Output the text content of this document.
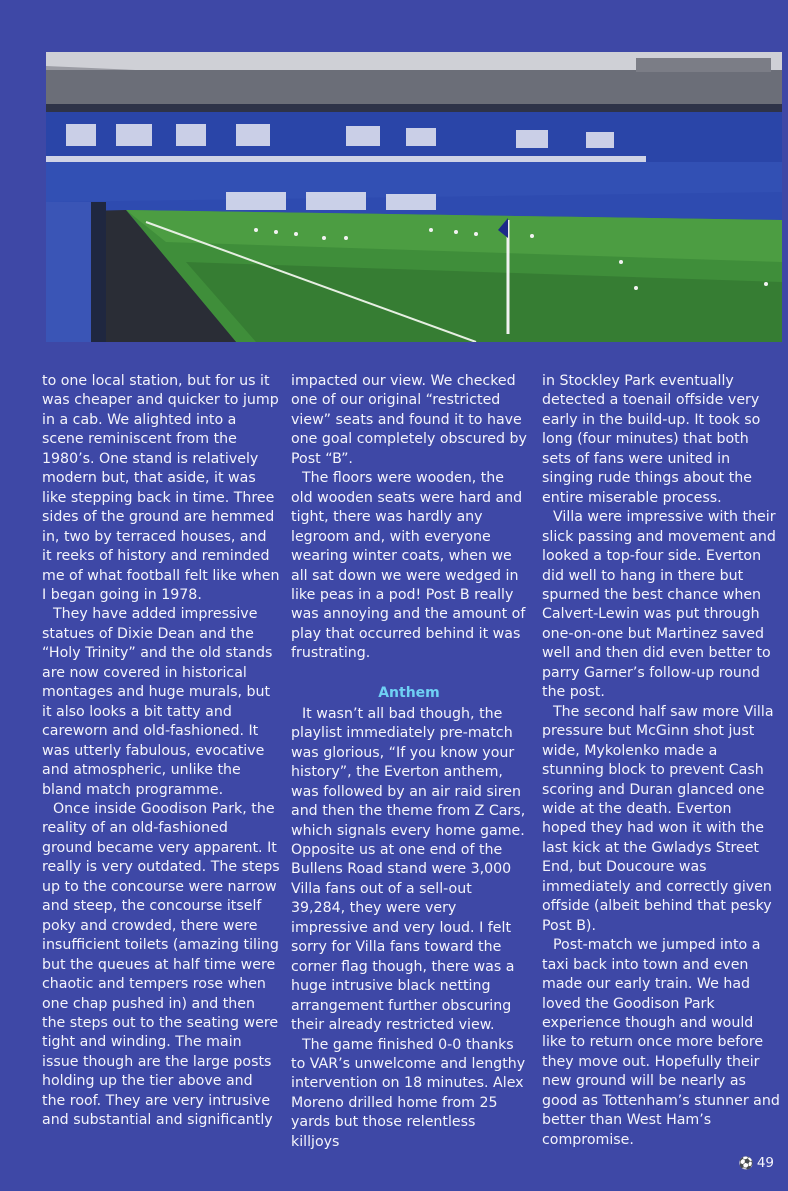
to one local station, but for us it was cheaper and quicker to jump in a cab. We alighted into a scene reminiscent from the 1980’s. One stand is relatively modern but, that aside, it was like stepping back in time. Three sides of the ground are hemmed in, two by terraced houses, and it reeks of history and reminded me of what football felt like when I began going in 1978.

They have added impressive statues of Dixie Dean and the “Holy Trinity” and the old stands are now covered in historical montages and huge murals, but it also looks a bit tatty and careworn and old-fashioned. It was utterly fabulous, evocative and atmospheric, unlike the bland match programme.

Once inside Goodison Park, the reality of an old-fashioned ground became very apparent. It really is very outdated. The steps up to the concourse were narrow and steep, the concourse itself poky and crowded, there were insufficient toilets (amazing tiling but the queues at half time were chaotic and tempers rose when one chap pushed in) and then the steps out to the seating were tight and winding. The main issue though are the large posts holding up the tier above and the roof. They are very intrusive and substantial and significantly

impacted our view. We checked one of our original “restricted view” seats and found it to have one goal completely obscured by Post “B”.

The floors were wooden, the old wooden seats were hard and tight, there was hardly any legroom and, with everyone wearing winter coats, when we all sat down we were wedged in like peas in a pod! Post B really was annoying and the amount of play that occurred behind it was frustrating.

Anthem

It wasn’t all bad though, the playlist immediately pre-match was glorious, “If you know your history”, the Everton anthem, was followed by an air raid siren and then the theme from Z Cars, which signals every home game. Opposite us at one end of the Bullens Road stand were 3,000 Villa fans out of a sell-out 39,284, they were very impressive and very loud. I felt sorry for Villa fans toward the corner flag though, there was a huge intrusive black netting arrangement further obscuring their already restricted view.

The game finished 0-0 thanks to VAR’s unwelcome and lengthy intervention on 18 minutes. Alex Moreno drilled home from 25 yards but those relentless killjoys

in Stockley Park eventually detected a toenail offside very early in the build-up. It took so long (four minutes) that both sets of fans were united in singing rude things about the entire miserable process.

Villa were impressive with their slick passing and movement and looked a top-four side. Everton did well to hang in there but spurned the best chance when Calvert-Lewin was put through one-on-one but Martinez saved well and then did even better to parry Garner’s follow-up round the post.

The second half saw more Villa pressure but McGinn shot just wide, Mykolenko made a stunning block to prevent Cash scoring and Duran glanced one wide at the death. Everton hoped they had won it with the last kick at the Gwladys Street End, but Doucoure was immediately and correctly given offside (albeit behind that pesky Post B).

Post-match we jumped into a taxi back into town and even made our early train. We had loved the Goodison Park experience though and would like to return once more before they move out. Hopefully their new ground will be nearly as good as Tottenham’s stunner and better than West Ham’s compromise.

⚽ 49
